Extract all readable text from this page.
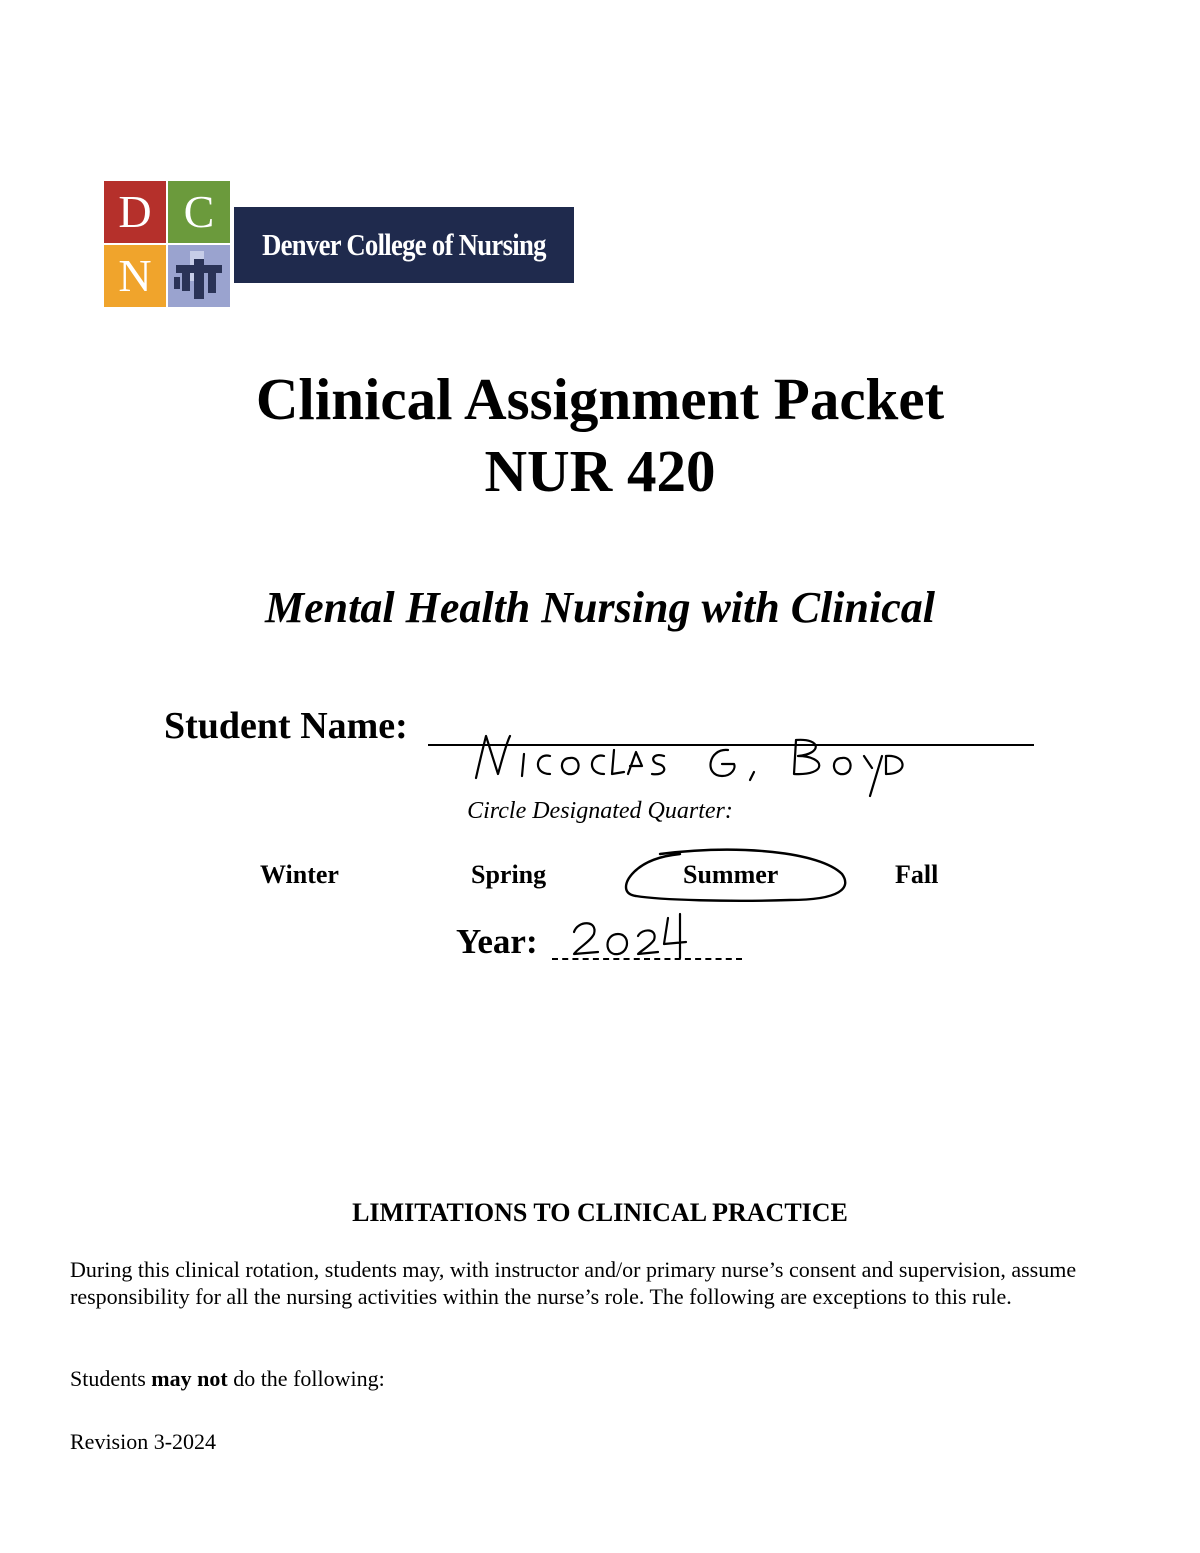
D C
N
Denver College of Nursing
Clinical Assignment Packet
NUR 420
Mental Health Nursing with Clinical
Student Name:
Circle Designated Quarter:
Winter	Spring	Summer	Fall
Year:
LIMITATIONS TO CLINICAL PRACTICE
During this clinical rotation, students may, with instructor and/or primary nurse’s consent and supervision, assume responsibility for all the nursing activities within the nurse’s role. The following are exceptions to this rule.
Students may not do the following:
Revision 3-2024
